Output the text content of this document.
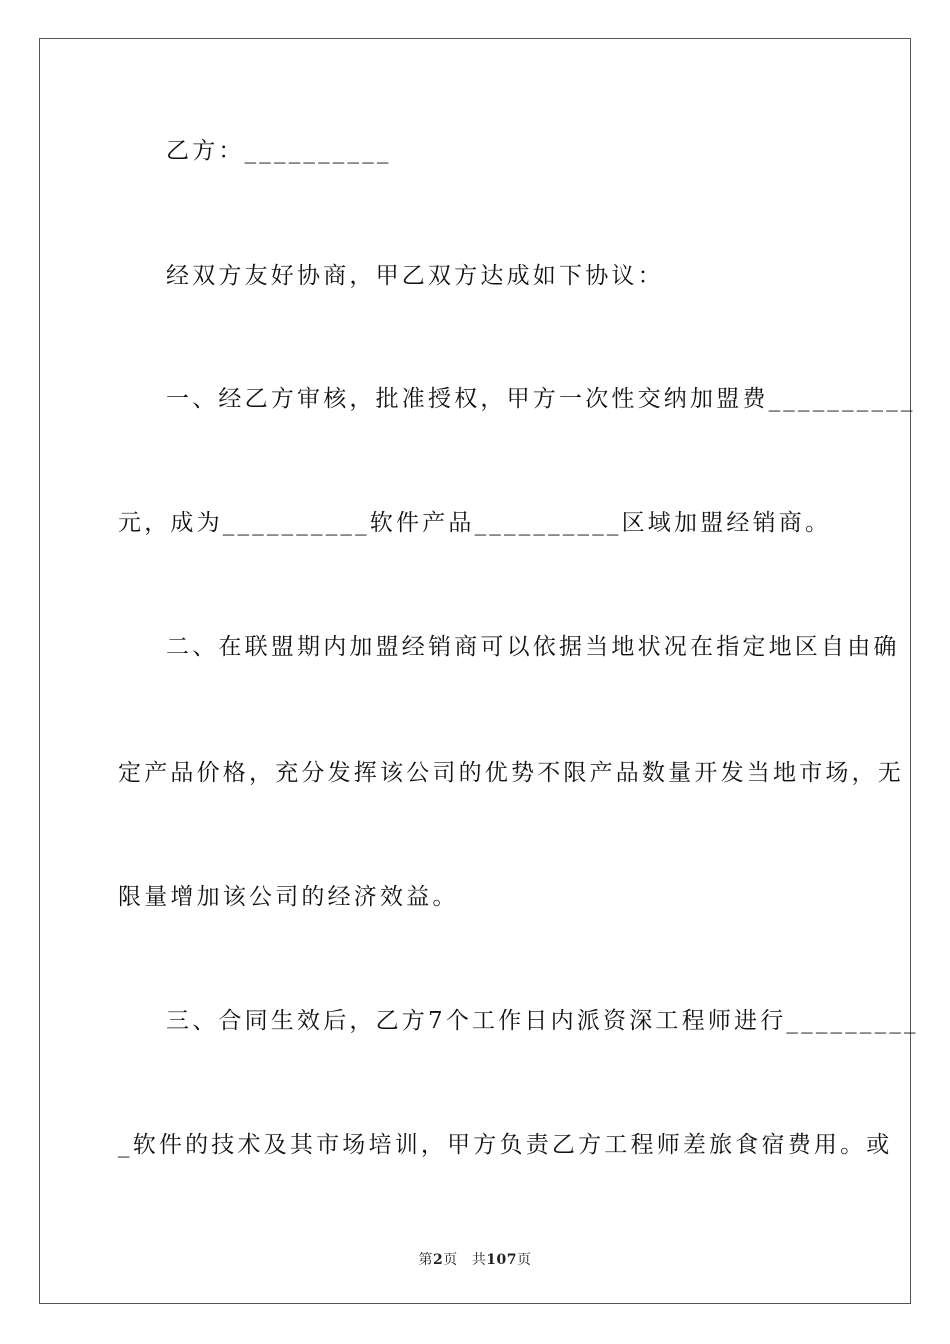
乙方：__________
经双方友好协商，甲乙双方达成如下协议：
一、经乙方审核，批准授权，甲方一次性交纳加盟费__________
元，成为__________软件产品__________区域加盟经销商。
二、在联盟期内加盟经销商可以依据当地状况在指定地区自由确
定产品价格，充分发挥该公司的优势不限产品数量开发当地市场，无
限量增加该公司的经济效益。
三、合同生效后，乙方7个工作日内派资深工程师进行_________
_软件的技术及其市场培训，甲方负责乙方工程师差旅食宿费用。或
第2页 共107页
